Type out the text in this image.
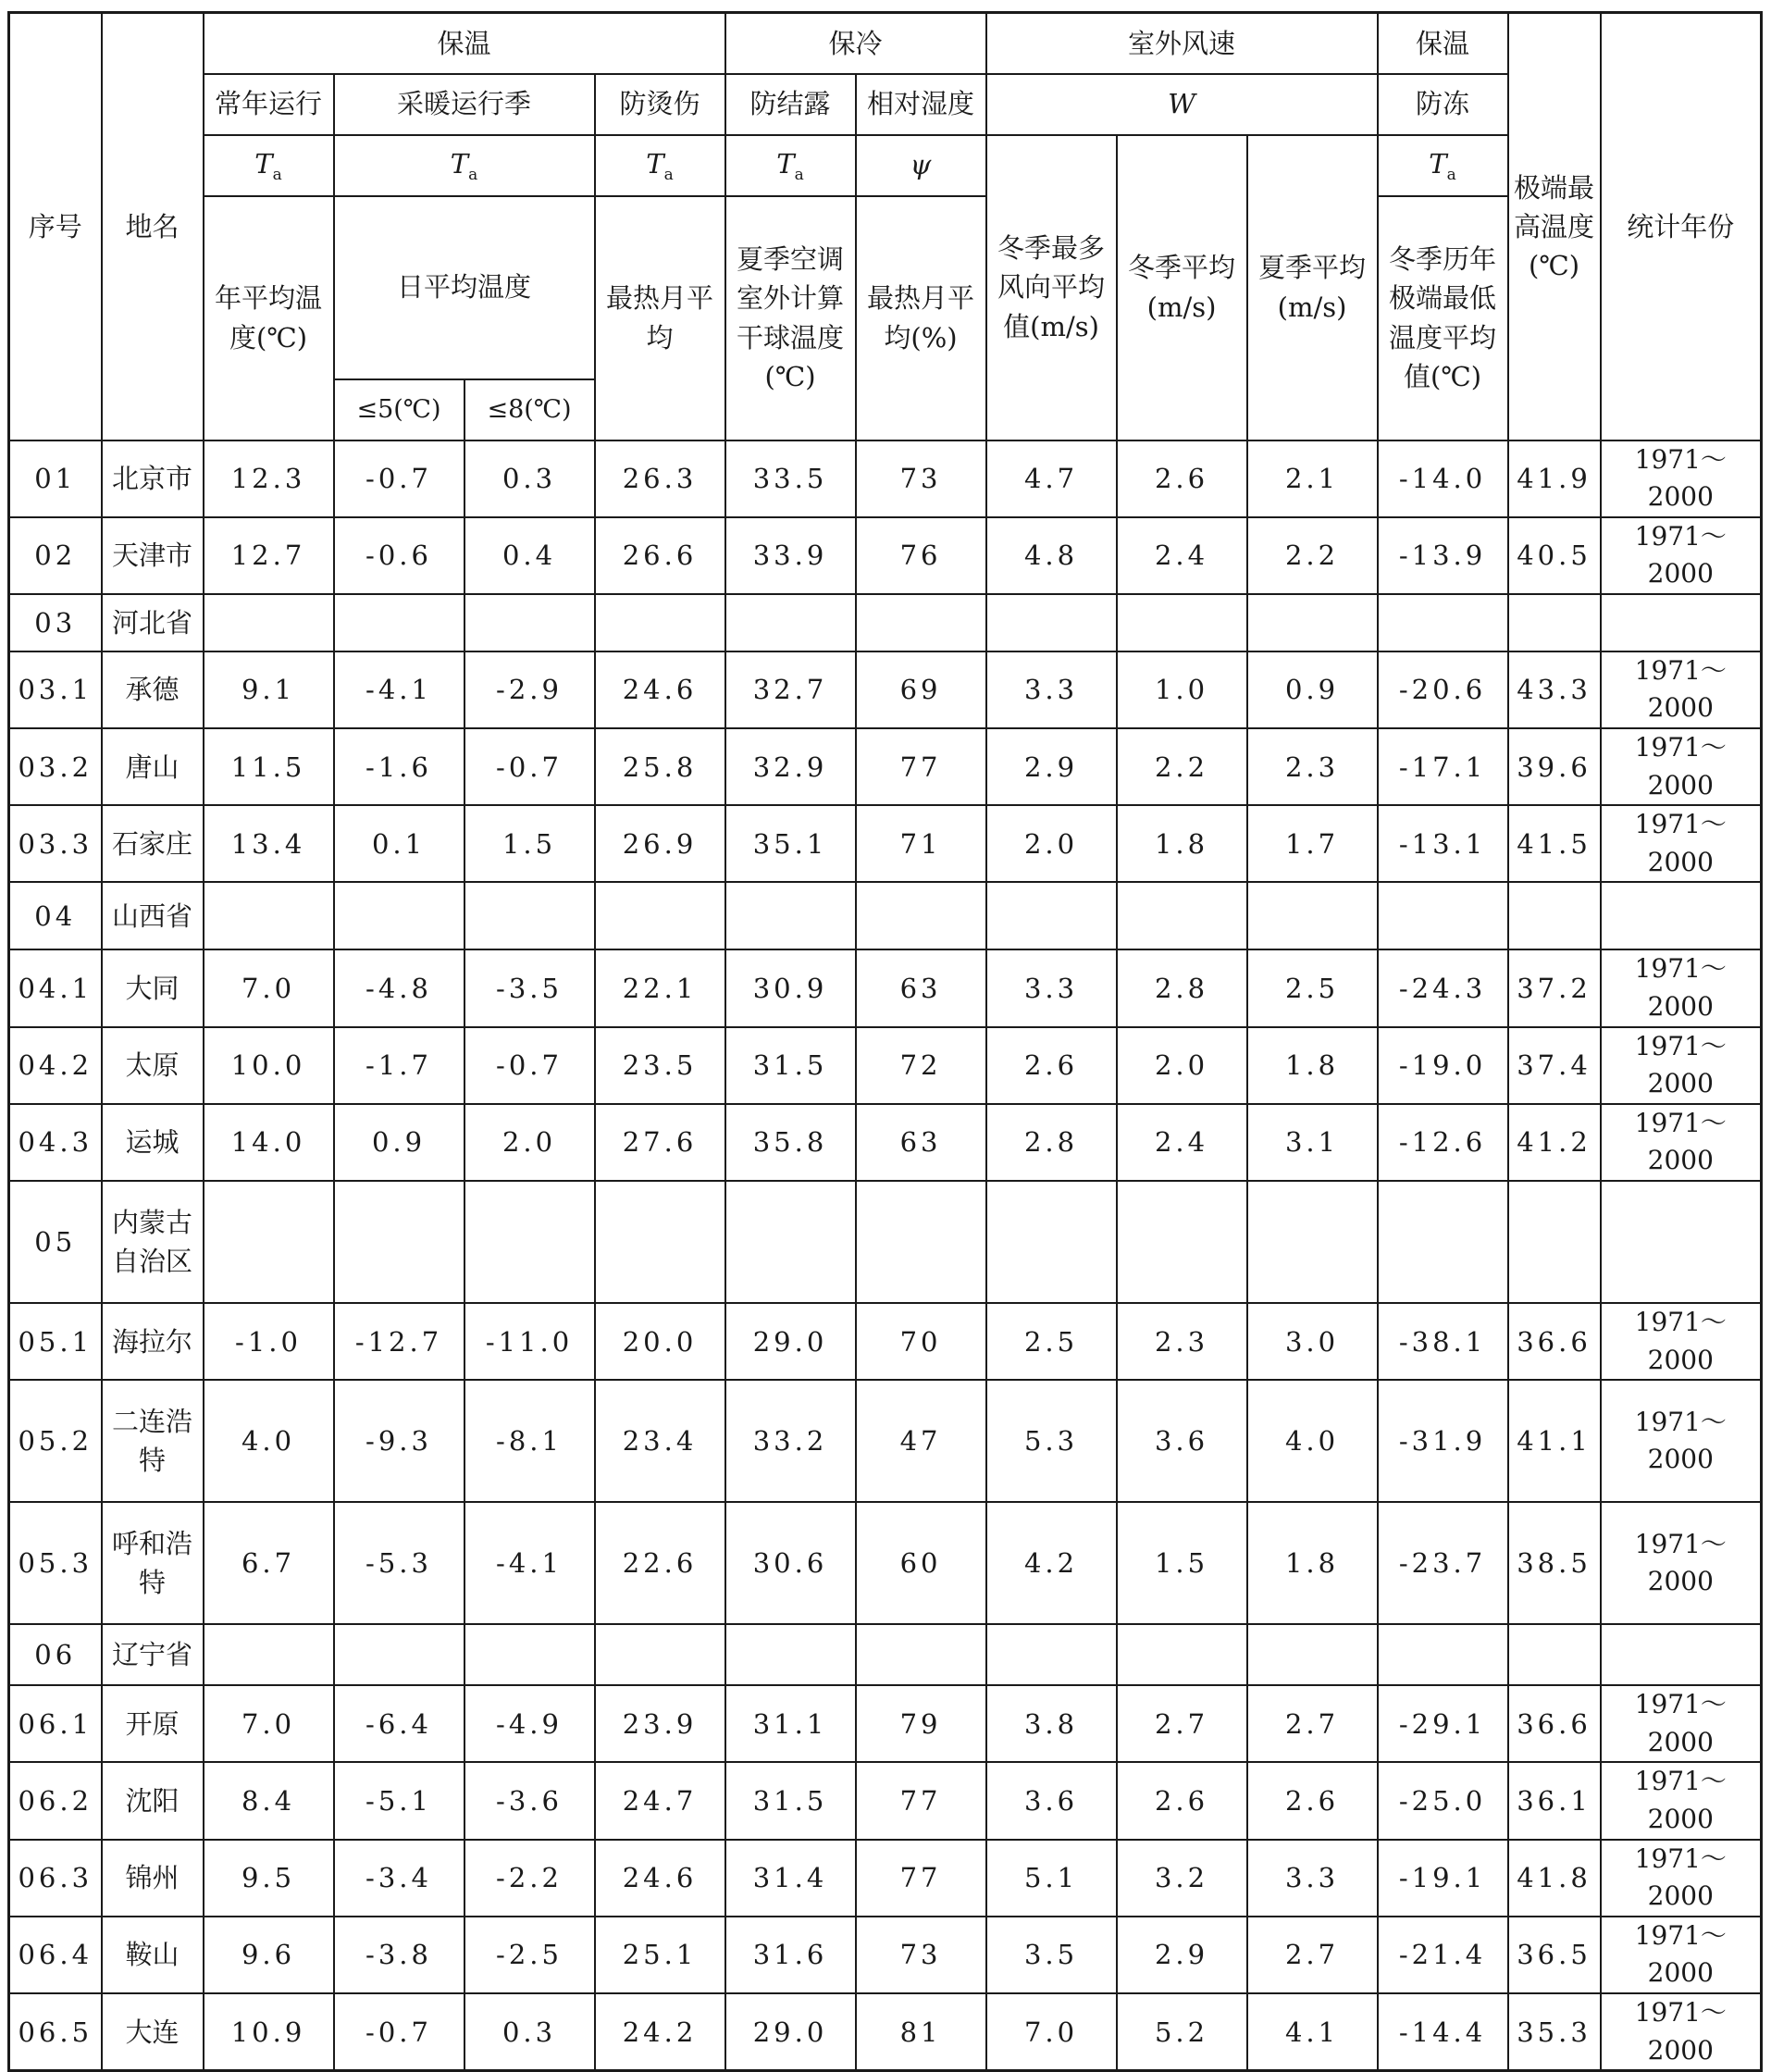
序号	地名	保温				保冷		室外风速			保温	极端最高温度(℃)	统计年份
		常年运行	采暖运行季		防烫伤	防结露	相对湿度	W			防冻		
		$T_a$	$T_a$		$T_a$	$T_a$	ψ	冬季最多风向平均值(m/s)	冬季平均(m/s)	夏季平均(m/s)	$T_a$
		年平均温度(℃)	日平均温度		最热月平均	夏季空调室外计算干球温度(℃)	最热月平均(%)				冬季历年极端最低温度平均值(℃)		
			≤5(℃)	≤8(℃)									
01	北京市	12.3	-0.7	0.3	26.3	33.5	73	4.7	2.6	2.1	-14.0	41.9	1971～2000
02	天津市	12.7	-0.6	0.4	26.6	33.9	76	4.8	2.4	2.2	-13.9	40.5	1971～2000
03	河北省												
03.1	承德	9.1	-4.1	-2.9	24.6	32.7	69	3.3	1.0	0.9	-20.6	43.3	1971～2000
03.2	唐山	11.5	-1.6	-0.7	25.8	32.9	77	2.9	2.2	2.3	-17.1	39.6	1971～2000
03.3	石家庄	13.4	0.1	1.5	26.9	35.1	71	2.0	1.8	1.7	-13.1	41.5	1971～2000
04	山西省												
04.1	大同	7.0	-4.8	-3.5	22.1	30.9	63	3.3	2.8	2.5	-24.3	37.2	1971～2000
04.2	太原	10.0	-1.7	-0.7	23.5	31.5	72	2.6	2.0	1.8	-19.0	37.4	1971～2000
04.3	运城	14.0	0.9	2.0	27.6	35.8	63	2.8	2.4	3.1	-12.6	41.2	1971～2000
05	内蒙古自治区												
05.1	海拉尔	-1.0	-12.7	-11.0	20.0	29.0	70	2.5	2.3	3.0	-38.1	36.6	1971～2000
05.2	二连浩特	4.0	-9.3	-8.1	23.4	33.2	47	5.3	3.6	4.0	-31.9	41.1	1971～2000
05.3	呼和浩特	6.7	-5.3	-4.1	22.6	30.6	60	4.2	1.5	1.8	-23.7	38.5	1971～2000
06	辽宁省												
06.1	开原	7.0	-6.4	-4.9	23.9	31.1	79	3.8	2.7	2.7	-29.1	36.6	1971～2000
06.2	沈阳	8.4	-5.1	-3.6	24.7	31.5	77	3.6	2.6	2.6	-25.0	36.1	1971～2000
06.3	锦州	9.5	-3.4	-2.2	24.6	31.4	77	5.1	3.2	3.3	-19.1	41.8	1971～2000
06.4	鞍山	9.6	-3.8	-2.5	25.1	31.6	73	3.5	2.9	2.7	-21.4	36.5	1971～2000
06.5	大连	10.9	-0.7	0.3	24.2	29.0	81	7.0	5.2	4.1	-14.4	35.3	1971～2000
